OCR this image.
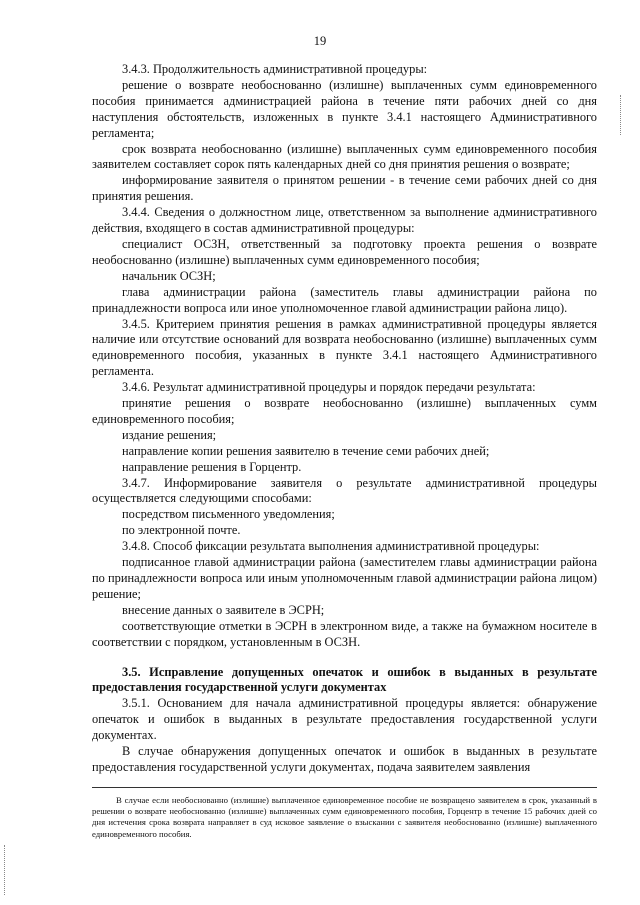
19

3.4.3. Продолжительность административной процедуры:

решение о возврате необоснованно (излишне) выплаченных сумм единовременного пособия принимается администрацией района в течение пяти рабочих дней со дня наступления обстоятельств, изложенных в пункте 3.4.1 настоящего Административного регламента;

срок возврата необоснованно (излишне) выплаченных сумм единовременного пособия заявителем составляет сорок пять календарных дней со дня принятия решения о возврате;

информирование заявителя о принятом решении - в течение семи рабочих дней со дня принятия решения.

3.4.4. Сведения о должностном лице, ответственном за выполнение административного действия, входящего в состав административной процедуры:

специалист ОСЗН, ответственный за подготовку проекта решения о возврате необоснованно (излишне) выплаченных сумм единовременного пособия;

начальник ОСЗН;

глава администрации района (заместитель главы администрации района по принадлежности вопроса или иное уполномоченное главой администрации района лицо).

3.4.5. Критерием принятия решения в рамках административной процедуры является наличие или отсутствие оснований для возврата необоснованно (излишне) выплаченных сумм единовременного пособия, указанных в пункте 3.4.1 настоящего Административного регламента.

3.4.6. Результат административной процедуры и порядок передачи результата:

принятие решения о возврате необоснованно (излишне) выплаченных сумм единовременного пособия;

издание решения;

направление копии решения заявителю в течение семи рабочих дней;

направление решения в Горцентр.

3.4.7. Информирование заявителя о результате административной процедуры осуществляется следующими способами:

посредством письменного уведомления;

по электронной почте.

3.4.8. Способ фиксации результата выполнения административной процедуры:

подписанное главой администрации района (заместителем главы администрации района по принадлежности вопроса или иным уполномоченным главой администрации района лицом) решение;

внесение данных о заявителе в ЭСРН;

соответствующие отметки в ЭСРН в электронном виде, а также на бумажном носителе в соответствии с порядком, установленным в ОСЗН.

3.5. Исправление допущенных опечаток и ошибок в выданных в результате предоставления государственной услуги документах

3.5.1. Основанием для начала административной процедуры является: обнаружение опечаток и ошибок в выданных в результате предоставления государственной услуги документах.

В случае обнаружения допущенных опечаток и ошибок в выданных в результате предоставления государственной услуги документах, подача заявителем заявления

В случае если необоснованно (излишне) выплаченное единовременное пособие не возвращено заявителем в срок, указанный в решении о возврате необоснованно (излишне) выплаченных сумм единовременного пособия, Горцентр в течение 15 рабочих дней со дня истечения срока возврата направляет в суд исковое заявление о взыскании с заявителя необоснованно (излишне) выплаченного единовременного пособия.
